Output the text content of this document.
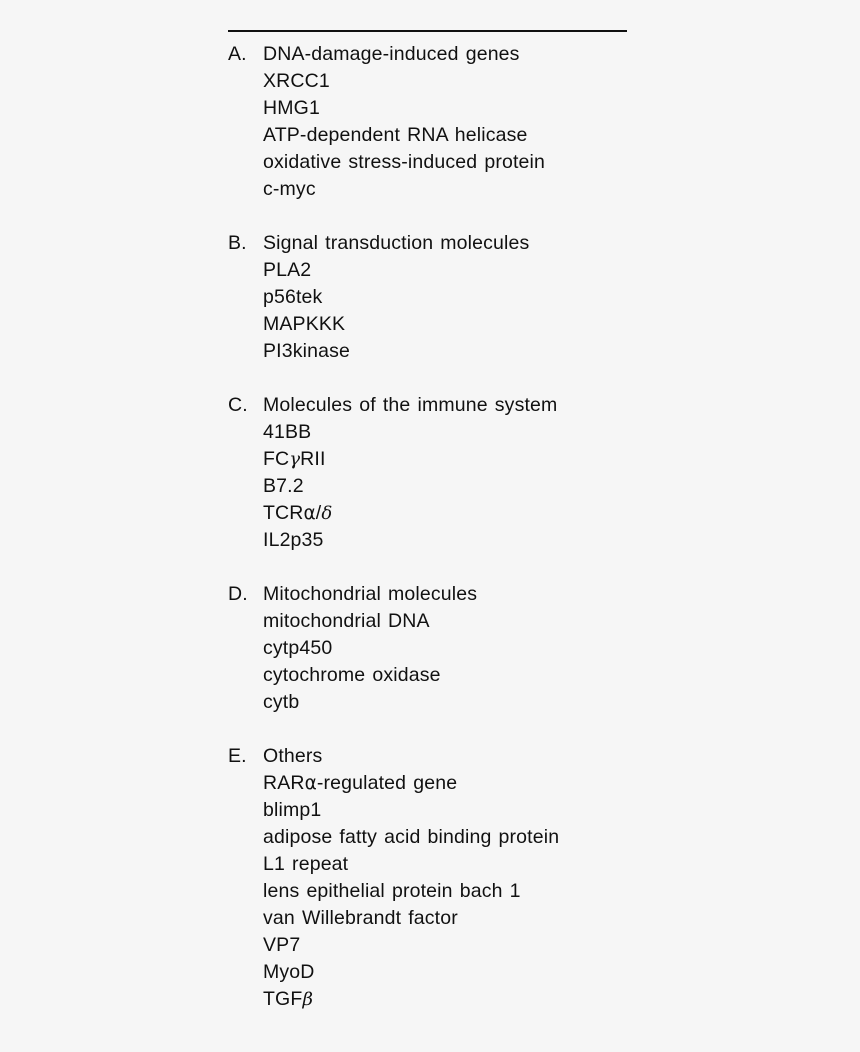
A. DNA-damage-induced genes
XRCC1
HMG1
ATP-dependent RNA helicase
oxidative stress-induced protein
c-myc
B. Signal transduction molecules
PLA2
p56tek
MAPKKK
PI3kinase
C. Molecules of the immune system
41BB
FCγRII
B7.2
TCRα/δ
IL2p35
D. Mitochondrial molecules
mitochondrial DNA
cytp450
cytochrome oxidase
cytb
E. Others
RARα-regulated gene
blimp1
adipose fatty acid binding protein
L1 repeat
lens epithelial protein bach 1
van Willebrandt factor
VP7
MyoD
TGFβ
